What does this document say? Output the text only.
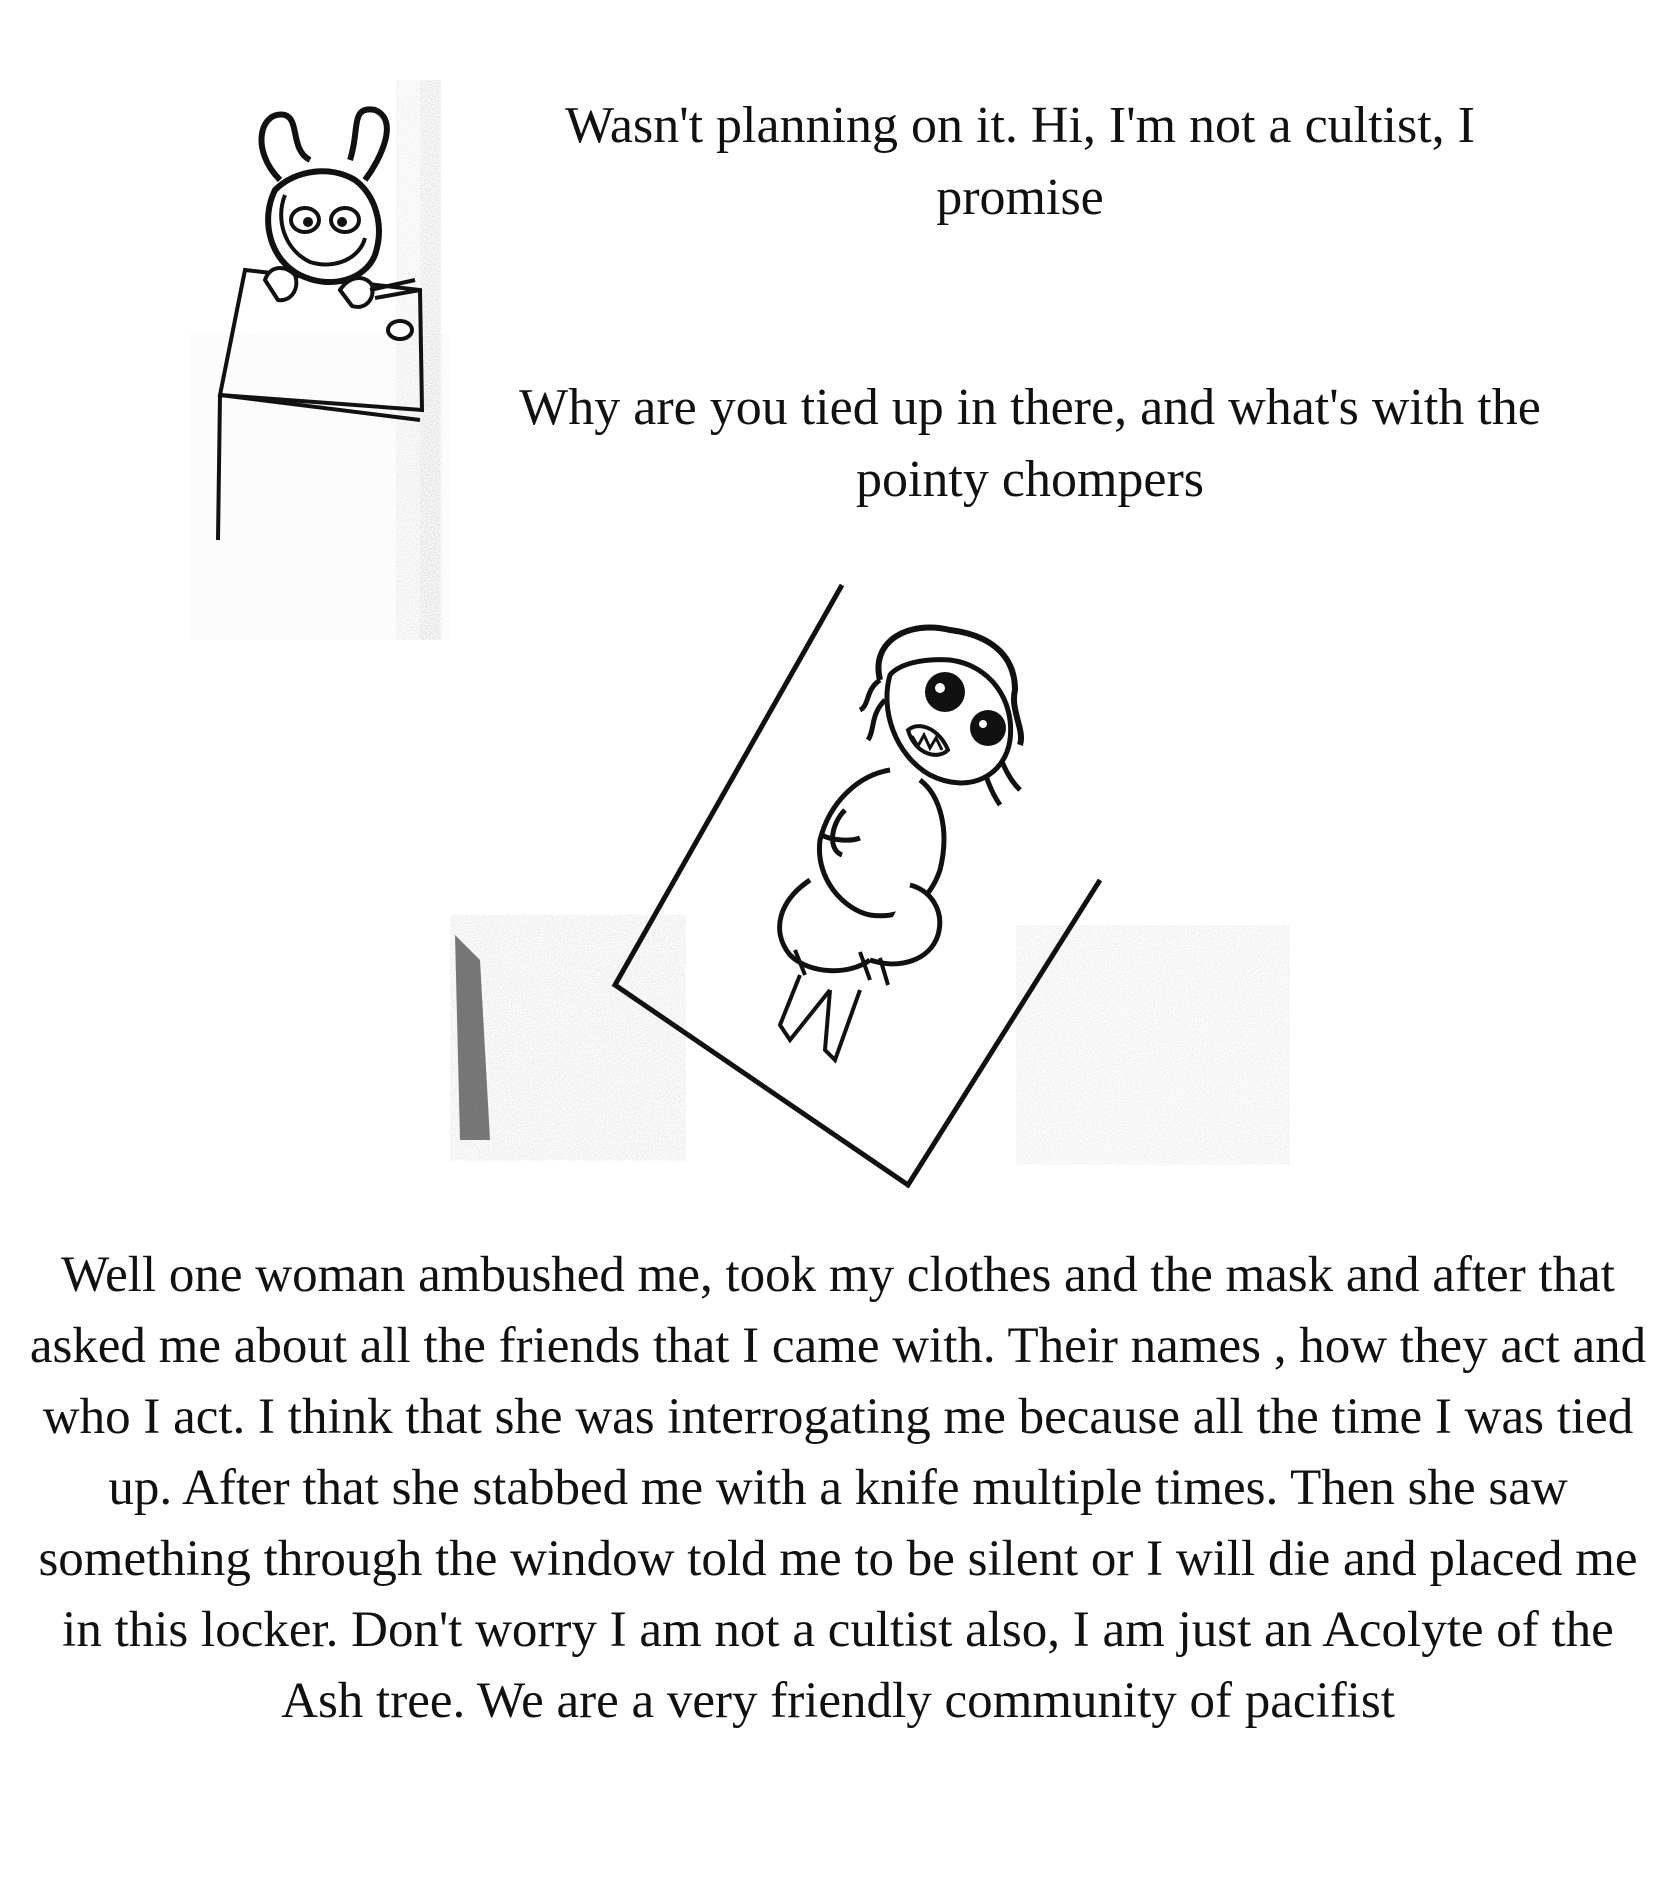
Wasn't planning on it. Hi, I'm not a cultist, I promise
Why are you tied up in there, and what's with the pointy chompers
Well one woman ambushed me, took my clothes and the mask and after that asked me about all the friends that I came with. Their names , how they act and who I act. I think that she was interrogating me because all the time I was tied up. After that she stabbed me with a knife multiple times. Then she saw something through the window told me to be silent or I will die and placed me in this locker. Don't worry I am not a cultist also, I am just an Acolyte of the Ash tree. We are a very friendly community of pacifist
